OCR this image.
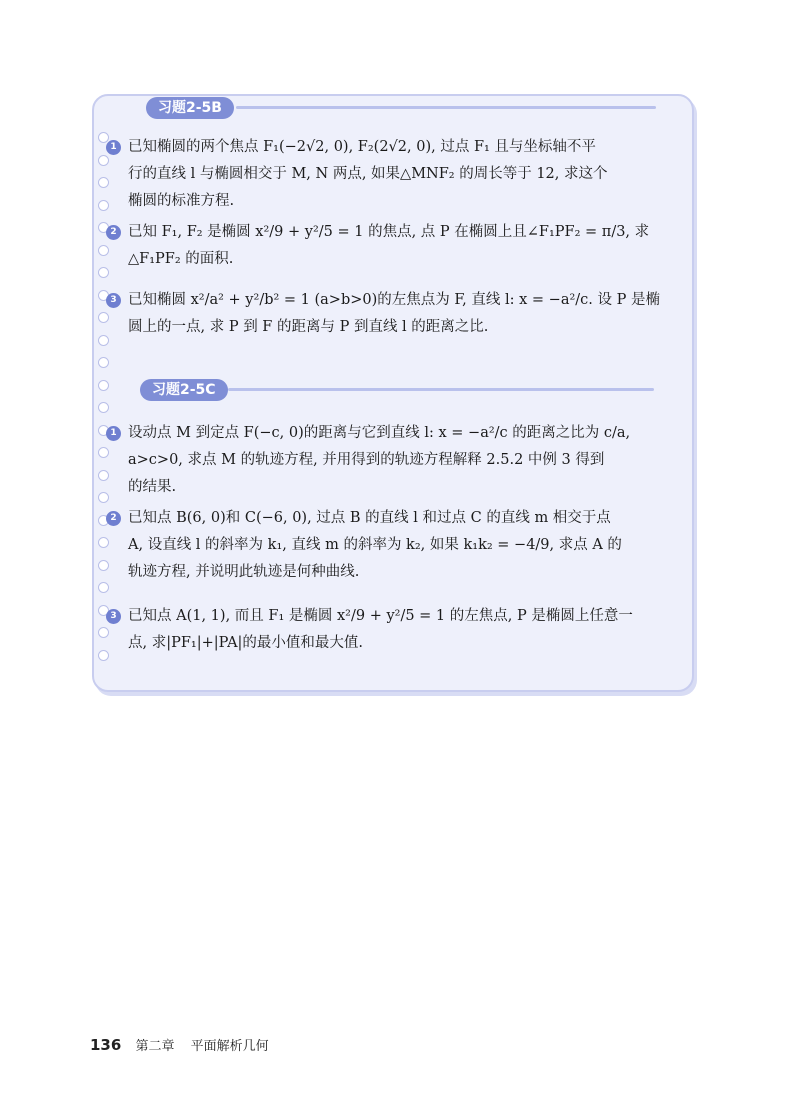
习题2-5B
1 已知椭圆的两个焦点 F₁(−2√2, 0), F₂(2√2, 0), 过点 F₁ 且与坐标轴不平
行的直线 l 与椭圆相交于 M, N 两点, 如果△MNF₂ 的周长等于 12, 求这个
椭圆的标准方程.
2 已知 F₁, F₂ 是椭圆 x²/9 + y²/5 = 1 的焦点, 点 P 在椭圆上且∠F₁PF₂ = π/3, 求
△F₁PF₂ 的面积.
3 已知椭圆 x²/a² + y²/b² = 1 (a>b>0)的左焦点为 F, 直线 l: x = −a²/c. 设 P 是椭
圆上的一点, 求 P 到 F 的距离与 P 到直线 l 的距离之比.
习题2-5C
1 设动点 M 到定点 F(−c, 0)的距离与它到直线 l: x = −a²/c 的距离之比为 c/a,
a>c>0, 求点 M 的轨迹方程, 并用得到的轨迹方程解释 2.5.2 中例 3 得到
的结果.
2 已知点 B(6, 0)和 C(−6, 0), 过点 B 的直线 l 和过点 C 的直线 m 相交于点
A, 设直线 l 的斜率为 k₁, 直线 m 的斜率为 k₂, 如果 k₁k₂ = −4/9, 求点 A 的
轨迹方程, 并说明此轨迹是何种曲线.
3 已知点 A(1, 1), 而且 F₁ 是椭圆 x²/9 + y²/5 = 1 的左焦点, P 是椭圆上任意一
点, 求|PF₁|+|PA|的最小值和最大值.
136 第二章 平面解析几何
